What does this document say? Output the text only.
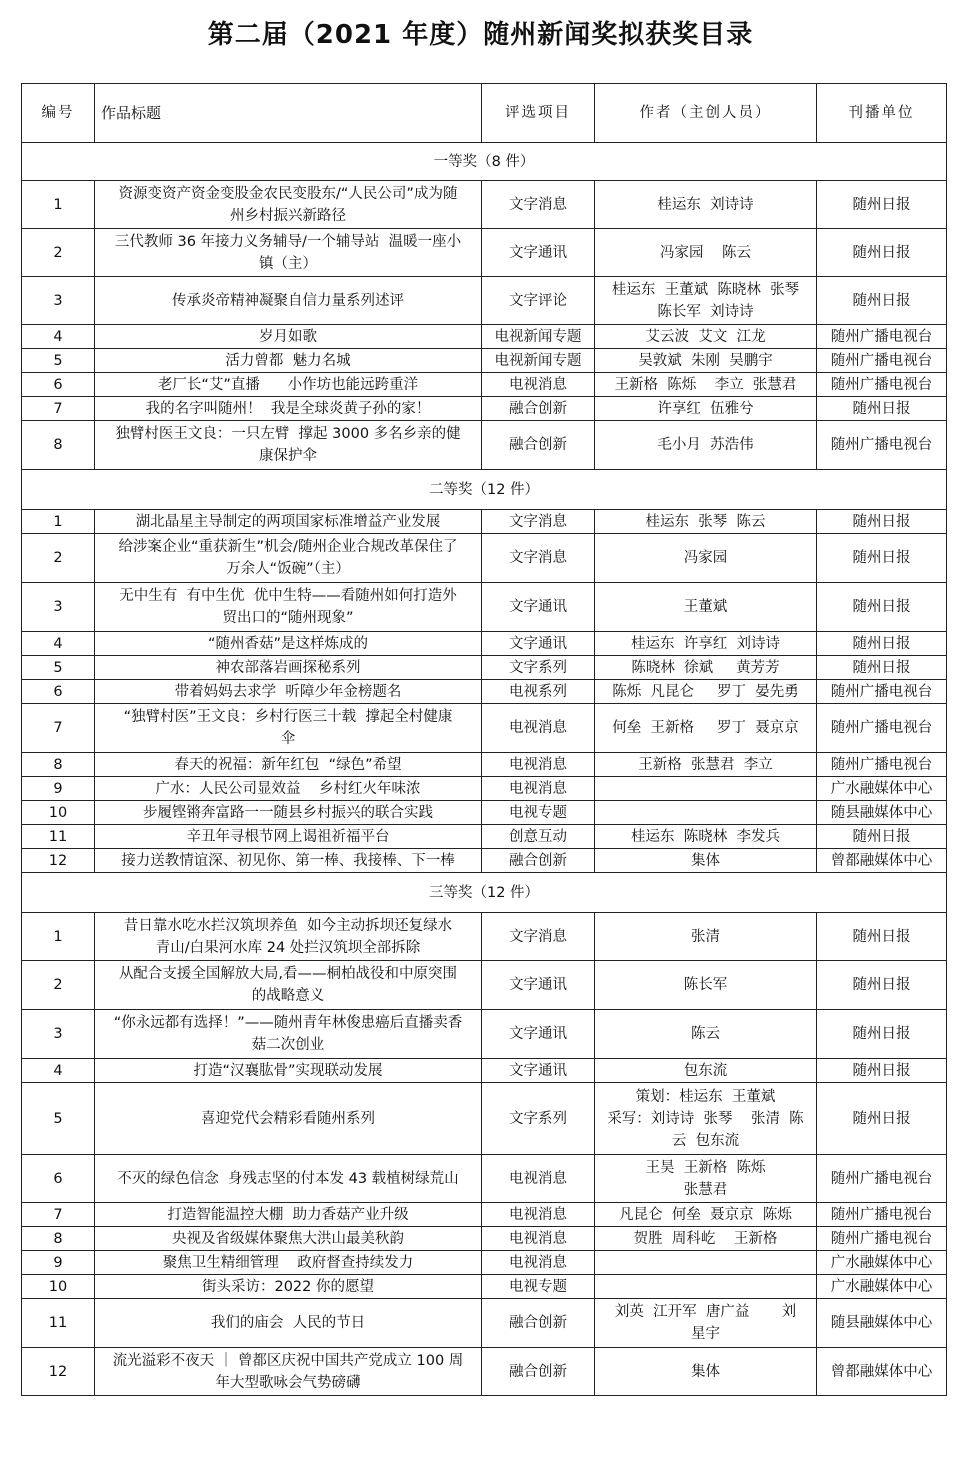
第二届（2021 年度）随州新闻奖拟获奖目录
编号	作品标题	评选项目	作者（主创人员）	刊播单位
一等奖（8 件）				
1	资源变资产资金变股金农民变股东/“人民公司”成为随
州乡村振兴新路径	文字消息	桂运东  刘诗诗	随州日报
2	三代教师 36 年接力义务辅导/一个辅导站  温暖一座小
镇（主）	文字通讯	冯家园    陈云	随州日报
3	传承炎帝精神凝聚自信力量系列述评	文字评论	桂运东  王董斌  陈晓林  张琴
陈长军  刘诗诗	随州日报
4	岁月如歌	电视新闻专题	艾云波  艾文  江龙	随州广播电视台
5	活力曾都  魅力名城	电视新闻专题	吴敦斌  朱刚  吴鹏宇	随州广播电视台
6	老厂长“艾”直播      小作坊也能远跨重洋	电视消息	王新格  陈烁    李立  张慧君	随州广播电视台
7	我的名字叫随州！  我是全球炎黄子孙的家！	融合创新	许享红  伍雅兮	随州日报
8	独臂村医王文良：一只左臂  撑起 3000 多名乡亲的健
康保护伞	融合创新	毛小月  苏浩伟	随州广播电视台
二等奖（12 件）				
1	湖北晶星主导制定的两项国家标准增益产业发展	文字消息	桂运东  张琴  陈云	随州日报
2	给涉案企业“重获新生”机会/随州企业合规改革保住了
万余人“饭碗”（主）	文字消息	冯家园	随州日报
3	无中生有  有中生优  优中生特——看随州如何打造外
贸出口的“随州现象”	文字通讯	王董斌	随州日报
4	“随州香菇”是这样炼成的	文字通讯	桂运东  许享红  刘诗诗	随州日报
5	神农部落岩画探秘系列	文字系列	陈晓林  徐斌     黄芳芳	随州日报
6	带着妈妈去求学  听障少年金榜题名	电视系列	陈烁  凡昆仑     罗丁  晏先勇	随州广播电视台
7	“独臂村医”王文良：乡村行医三十载  撑起全村健康
伞	电视消息	何垒  王新格     罗丁  聂京京	随州广播电视台
8	春天的祝福：新年红包  “绿色”希望	电视消息	王新格  张慧君  李立	随州广播电视台
9	广水：人民公司显效益    乡村红火年味浓	电视消息		广水融媒体中心
10	步履铿锵奔富路一一随县乡村振兴的联合实践	电视专题		随县融媒体中心
11	辛丑年寻根节网上谒祖祈福平台	创意互动	桂运东  陈晓林  李发兵	随州日报
12	接力送教情谊深、初见你、第一棒、我接棒、下一棒	融合创新	集体	曾都融媒体中心
三等奖（12 件）				
1	昔日靠水吃水拦汉筑坝养鱼  如今主动拆坝还复绿水
青山/白果河水库 24 处拦汉筑坝全部拆除	文字消息	张清	随州日报
2	从配合支援全国解放大局,看——桐柏战役和中原突围
的战略意义	文字通讯	陈长军	随州日报
3	“你永远都有选择！”——随州青年林俊患癌后直播卖香
菇二次创业	文字通讯	陈云	随州日报
4	打造“汉襄肱骨”实现联动发展	文字通讯	包东流	随州日报
5	喜迎党代会精彩看随州系列	文字系列	策划：桂运东  王董斌
采写：刘诗诗  张琴    张清  陈
云  包东流	随州日报
6	不灭的绿色信念  身残志坚的付本发 43 载植树绿荒山	电视消息	王昊  王新格  陈烁
张慧君	随州广播电视台
7	打造智能温控大棚  助力香菇产业升级	电视消息	凡昆仑  何垒  聂京京  陈烁	随州广播电视台
8	央视及省级媒体聚焦大洪山最美秋韵	电视消息	贺胜  周科屹    王新格	随州广播电视台
9	聚焦卫生精细管理    政府督查持续发力	电视消息		广水融媒体中心
10	街头采访：2022 你的愿望	电视专题		广水融媒体中心
11	我们的庙会  人民的节日	融合创新	刘英  江开军  唐广益       刘
星宇	随县融媒体中心
12	流光溢彩不夜天 ｜ 曾都区庆祝中国共产党成立 100 周
年大型歌咏会气势磅礴	融合创新	集体	曾都融媒体中心
